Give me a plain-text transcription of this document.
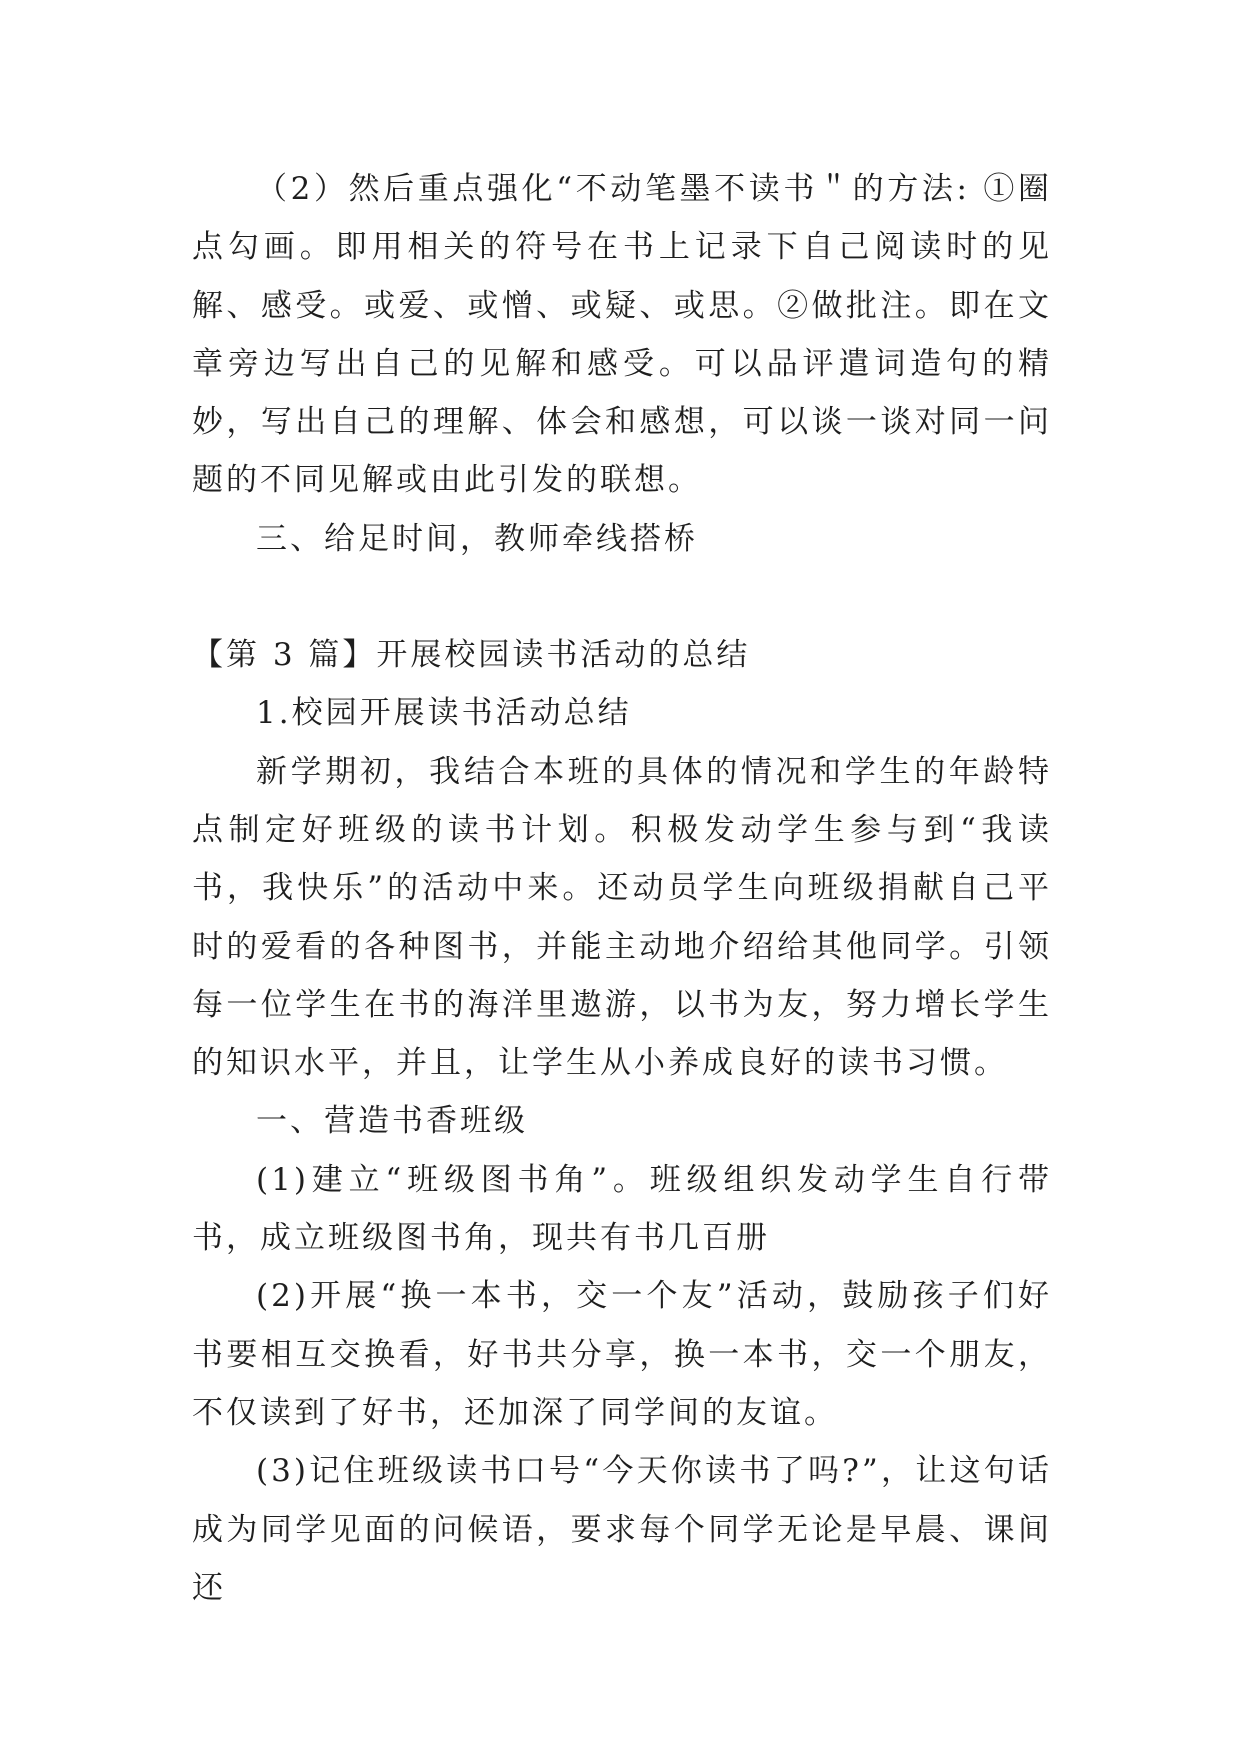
（2）然后重点强化“不动笔墨不读书＂的方法: ①圈点勾画。即用相关的符号在书上记录下自己阅读时的见解、感受。或爱、或憎、或疑、或思。②做批注。即在文章旁边写出自己的见解和感受。可以品评遣词造句的精妙，写出自己的理解、体会和感想，可以谈一谈对同一问题的不同见解或由此引发的联想。

三、给足时间，教师牵线搭桥

【第 3 篇】开展校园读书活动的总结

1.校园开展读书活动总结

新学期初，我结合本班的具体的情况和学生的年龄特点制定好班级的读书计划。积极发动学生参与到“我读书，我快乐”的活动中来。还动员学生向班级捐献自己平时的爱看的各种图书，并能主动地介绍给其他同学。引领每一位学生在书的海洋里遨游，以书为友，努力增长学生的知识水平，并且，让学生从小养成良好的读书习惯。

一、营造书香班级

(1)建立“班级图书角”。班级组织发动学生自行带书，成立班级图书角，现共有书几百册

(2)开展“换一本书，交一个友”活动，鼓励孩子们好书要相互交换看，好书共分享，换一本书，交一个朋友，不仅读到了好书，还加深了同学间的友谊。

(3)记住班级读书口号“今天你读书了吗?”，让这句话成为同学见面的问候语，要求每个同学无论是早晨、课间还
